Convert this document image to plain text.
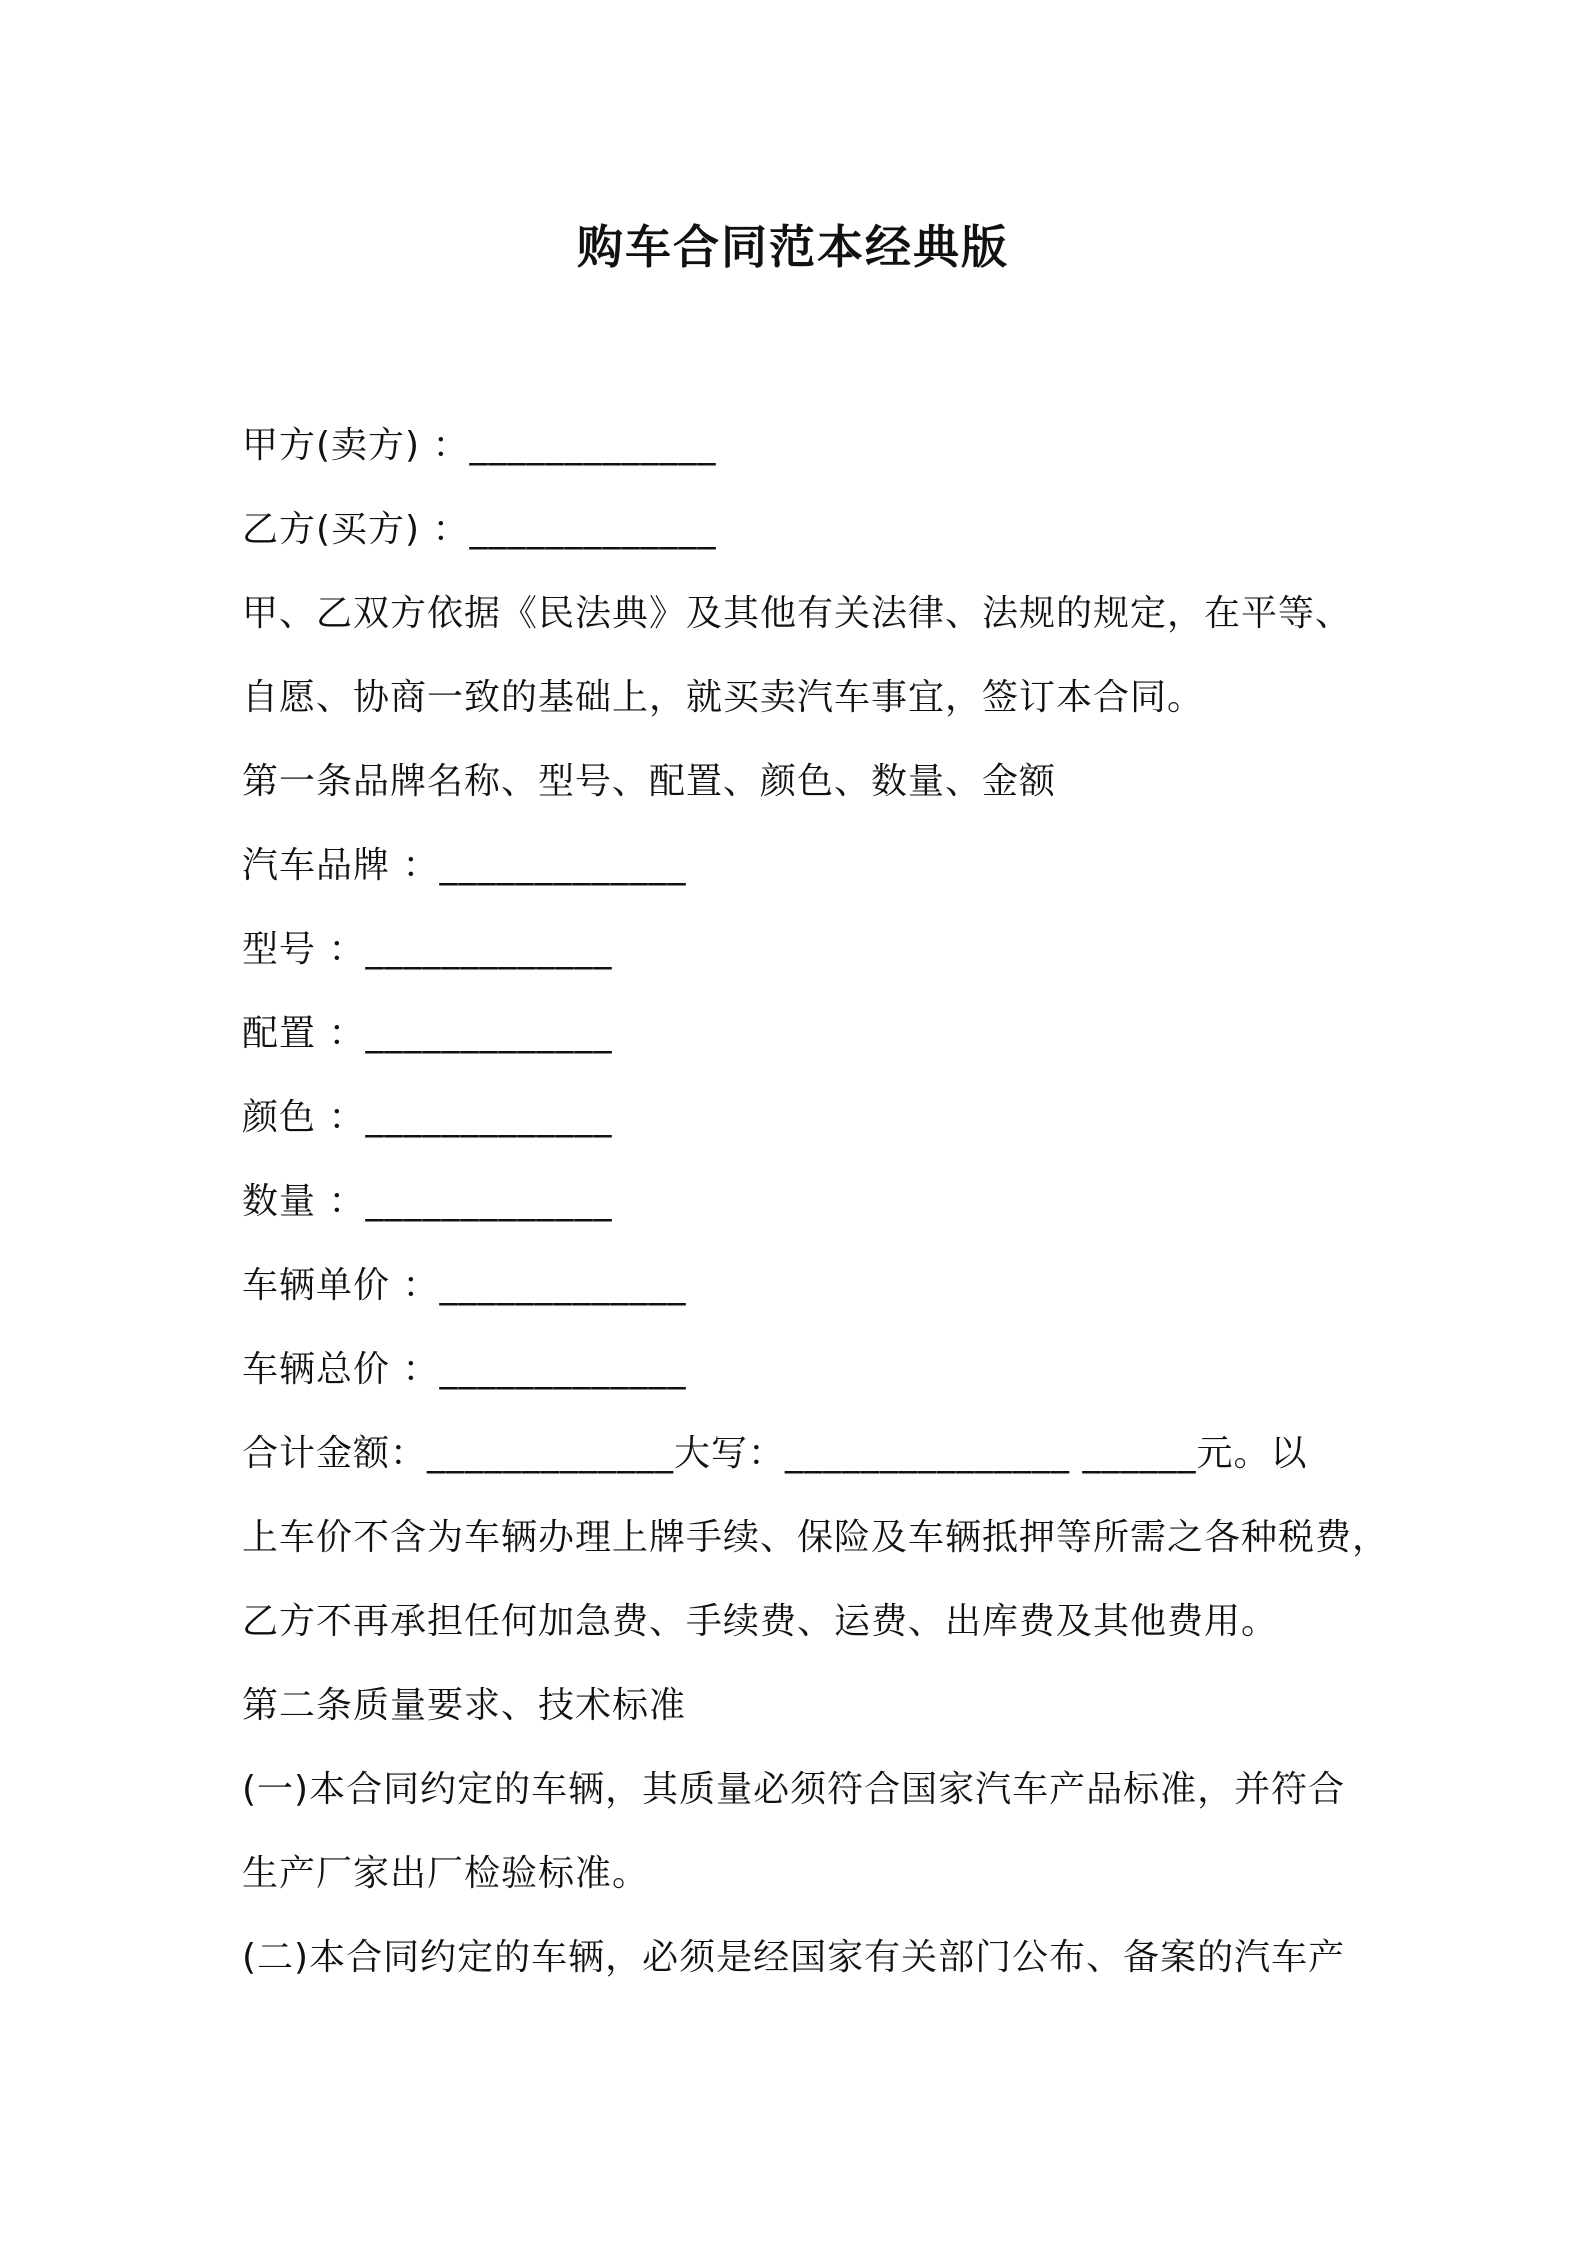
购车合同范本经典版
甲方(卖方) ：_____________
乙方(买方) ：_____________
甲、乙双方依据《民法典》及其他有关法律、法规的规定，在平等、
自愿、协商一致的基础上，就买卖汽车事宜，签订本合同。
第一条品牌名称、型号、配置、颜色、数量、金额
汽车品牌 ：_____________
型号 ：_____________
配置 ：_____________
颜色 ：_____________
数量 ：_____________
车辆单价 ：_____________
车辆总价 ：_____________
合计金额：_____________大写：_______________ ______元。以
上车价不含为车辆办理上牌手续、保险及车辆抵押等所需之各种税费，
乙方不再承担任何加急费、手续费、运费、出库费及其他费用。
第二条质量要求、技术标准
(一)本合同约定的车辆，其质量必须符合国家汽车产品标准，并符合
生产厂家出厂检验标准。
(二)本合同约定的车辆，必须是经国家有关部门公布、备案的汽车产
